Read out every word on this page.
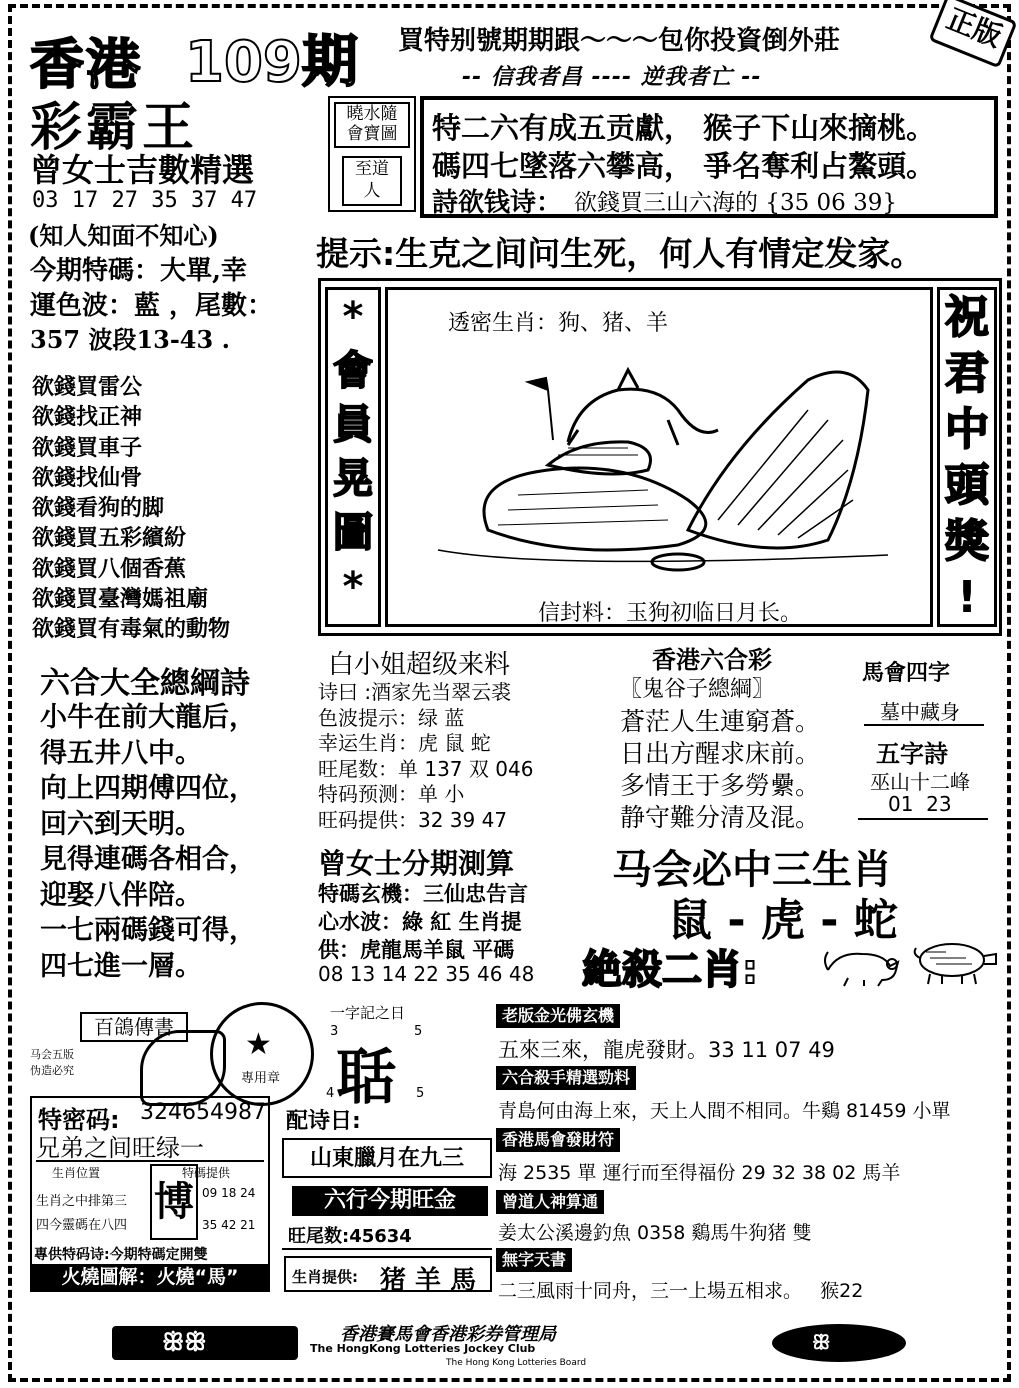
香港 109期
彩霸王
買特别號期期跟～～～包你投資倒外莊	正版
-- 信我者昌 ---- 逆我者亡 --
曾女士吉數精選
03 17 27 35 37 47
(知人知面不知心)
今期特碼：大單,幸
運色波：藍 ，尾數：
357 波段13-43 .
曉水隨
會寶圖
至道
人
特二六有成五贡獻， 猴子下山來摘桃。
碼四七墜落六攀高， 爭名奪利占鰲頭。
詩欲钱诗： 欲錢買三山六海的 {35 06 39}
提示:生克之间问生死，何人有情定发家。
欲錢買雷公
欲錢找正神
欲錢買車子
欲錢找仙骨
欲錢看狗的脚
欲錢買五彩繽紛
欲錢買八個香蕉
欲錢買臺灣媽祖廟
欲錢買有毒氣的動物
*
會
員
晃
圖
*
透密生肖：狗、猪、羊
信封料：玉狗初临日月长。
祝
君
中
頭
獎
!
六合大全總綱詩
小牛在前大龍后，
得五井八中。
向上四期傅四位，
回六到天明。
見得連碼各相合，
迎娶八伴陪。
一七兩碼錢可得，
四七進一層。
白小姐超级来料
诗曰 :酒家先当翠云裘
色波提示：绿 蓝
幸运生肖：虎 鼠 蛇
旺尾数：单 137 双 046
特码预测：单 小
旺码提供：32 39 47
曾女士分期測算
特碼玄機：三仙忠告言
心水波：綠 紅 生肖提
供：虎龍馬羊鼠 平碼
08 13 14 22 35 46 48
香港六合彩
〖鬼谷子總綱〗
蒼茫人生連窮蒼。
日出方醒求床前。
多情王于多勞纍。
静守難分清及混。
馬會四字
墓中藏身
五字詩
巫山十二峰
01  23
马会必中三生肖
鼠 - 虎 - 蛇
絶殺二肖:
百鴿傳書
马会五版
伪造必究
★
專用章
一字記之日
3	5
聒
4	5
配诗日:
山東臘月在九三
六行今期旺金
旺尾数:45634
生肖提供: 猪 羊 馬
特密码: 324654987
兄弟之间旺绿一
生肖位置	特碼提供
生肖之中排第三
四今靈碼在八四
博 09 18 24
35 42 21
專供特码诗:今期特碼定開雙
火燒圖解：火燒“馬”
老版金光佛玄機
五來三來，龍虎發財。33 11 07 49
六合殺手精選勁料
青島何由海上來，天上人間不相同。牛鷄 81459 小單
香港馬會發財符
海 2535 單 運行而至得福份 29 32 38 02 馬羊
曾道人神算通
姜太公溪邊釣魚 0358 鷄馬牛狗猪 雙
無字天書
二三風雨十同舟，三一上場五相求。   猴22
ꕥꕥ	香港賽馬會香港彩券管理局
The HongKong Lotteries Jockey Club
The Hong Kong Lotteries Board
ꕥ
